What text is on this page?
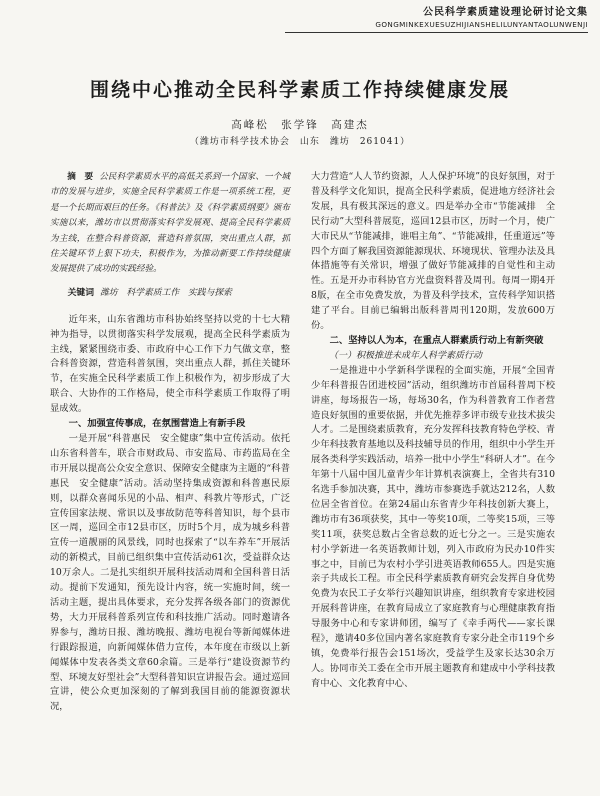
公民科学素质建设理论研讨论文集
GONGMINKEXUESUZHIJIANSHELILUNYANTAOLUNWENJI
围绕中心推动全民科学素质工作持续健康发展
高峰松　张学锋　高建杰
（潍坊市科学技术协会　山东　潍坊　261041）

摘　要 公民科学素质水平的高低关系到一个国家、一个城市的发展与进步，实施全民科学素质工作是一项系统工程，更是一个长期而艰巨的任务。《科普法》及《科学素质纲要》颁布实施以来，潍坊市以贯彻落实科学发展观、提高全民科学素质为主线，在整合科普资源，营造科普氛围，突出重点人群，抓住关键环节上狠下功夫，积极作为，为推动新要工作持续健康发展提供了成功的实践经验。

关键词 潍坊　科学素质工作　实践与探索

近年来，山东省潍坊市科协始终坚持以党的十七大精神为指导，以贯彻落实科学发展观，提高全民科学素质为主线，紧紧围绕市委、市政府中心工作下力气做文章，整合科普资源，营造科普氛围，突出重点人群，抓住关键环节，在实施全民科学素质工作上积极作为，初步形成了大联合、大协作的工作格局，使全市科学素质工作取得了明显成效。

一、加强宣传事成，在氛围营造上有新手段

一是开展“科普惠民　安全健康”集中宣传活动。依托山东省科普车，联合市财政局、市安监局、市药监局在全市开展以提高公众安全意识、保障安全健康为主题的“科普惠民　安全健康”活动。活动坚持集成资源和科普惠民原则，以群众喜闻乐见的小品、相声、科教片等形式，广泛宣传国家法规、常识以及事故防范等科普知识，每个县市区一周，巡回全市12县市区，历时5个月，成为城乡科普宣传一道靓丽的风景线，同时也探索了“以车养车”开展活动的新模式，目前已组织集中宣传活动61次，受益群众达10万余人。二是扎实组织开展科技活动周和全国科普日活动。提前下发通知，预先设计内容，统一实施时间，统一活动主题，提出具体要求，充分发挥各级各部门的资源优势，大力开展科普系列宣传和科技推广活动。同时邀请各界参与，潍坊日报、潍坊晚报、潍坊电视台等新闻媒体进行跟踪报道，向新闻媒体借力宣传，本年度在市级以上新闻媒体中发表各类文章60余篇。三是举行“建设资源节约型、环境友好型社会”大型科普知识宣讲报告会。通过巡回宣讲，使公众更加深刻的了解到我国目前的能源资源状况，

大力营造“人人节约资源，人人保护环境”的良好氛围，对于普及科学文化知识，提高全民科学素质，促进地方经济社会发展，具有极其深远的意义。四是举办全市“节能减排　全民行动”大型科普展览，巡回12县市区，历时一个月，使广大市民从“节能减排，谁唱主角”、“节能减排，任重道远”等四个方面了解我国资源能源现状、环境现状、管理办法及具体措施等有关常识，增强了做好节能减排的自觉性和主动性。五是开办市科协官方光盘资料普及周刊。每周一期4开8版，在全市免费发放，为普及科学技术，宣传科学知识搭建了平台。目前已编辑出版科普周刊120期，发放600万份。

二、坚持以人为本，在重点人群素质行动上有新突破

（一）积极推进未成年人科学素质行动

一是推进中小学新科学课程的全面实施，开展“全国青少年科普报告团进校园”活动，组织潍坊市首届科普周下校讲座，每场报告一场，每场30名，作为科普教育工作者营造良好氛围的重要依据，并优先推荐多评市级专业技术拔尖人才。二是围绕素质教育，充分发挥科技教育特色学校、青少年科技教育基地以及科技辅导员的作用，组织中小学生开展各类科学实践活动，培养一批中小学生“科研人才”。在今年第十八届中国儿童青少年计算机表演赛上，全省共有310名选手参加决赛，其中，潍坊市参赛选手就达212名，人数位居全省首位。在第24届山东省青少年科技创新大赛上，潍坊市有36项获奖，其中一等奖10项，二等奖15项，三等奖11项，获奖总数占全省总数的近七分之一。三是实施农村小学新进一名英语教师计划，列入市政府为民办10件实事之中，目前已为农村小学引进英语教师655人。四是实施亲子共成长工程。市全民科学素质教育研究会发挥自身优势免费为农民工子女举行兴趣知识讲座，组织教育专家进校园开展科普讲座，在教育局成立了家庭教育与心理健康教育指导服务中心和专家讲师团，编写了《幸手两代——家长课程》，邀请40多位国内著名家庭教育专家分赴全市119个乡镇，免费举行报告会151场次，受益学生及家长达30余万人。协同市关工委在全市开展主题教育和建成中小学科技教育中心、文化教育中心、
